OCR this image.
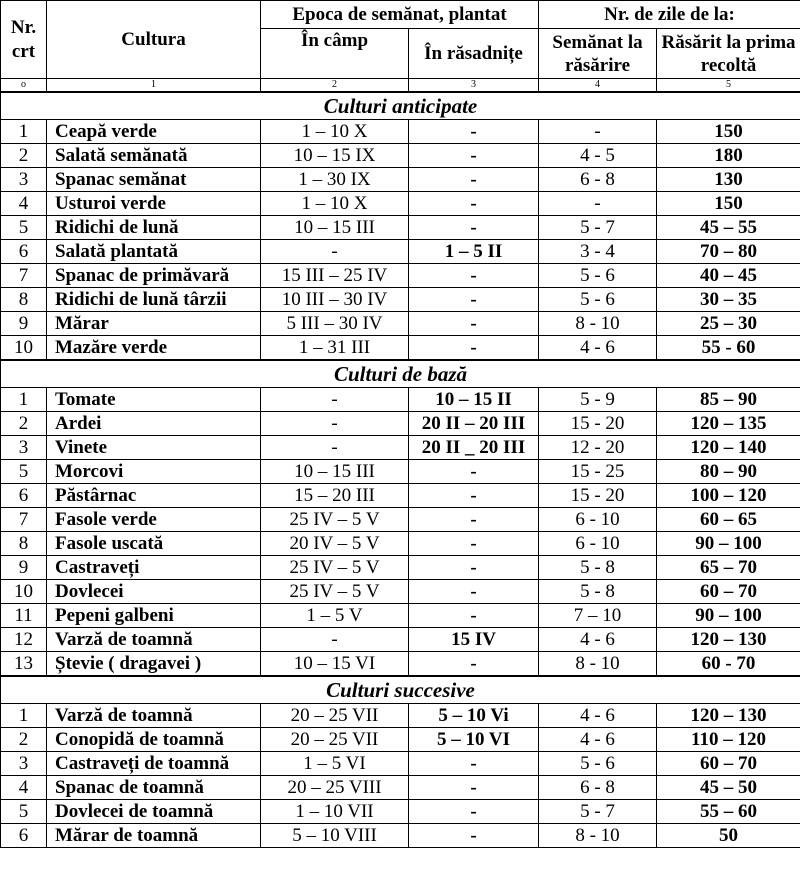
Nr.
crt	Cultura	Epoca de semănat, plantat		Nr. de zile de la:	
		În câmp	În răsadnițe	Semănat la răsărire	Răsărit la prima recoltă
o	1	2	3	4	5
Culturi anticipate					
1	Ceapă verde	1 – 10 X	-	-	150
2	Salată semănată	10 – 15 IX	-	4 - 5	180
3	Spanac semănat	1 – 30 IX	-	6 - 8	130
4	Usturoi verde	1 – 10 X	-	-	150
5	Ridichi de lună	10 – 15 III	-	5 - 7	45 – 55
6	Salată plantată	-	1 – 5 II	3 - 4	70 – 80
7	Spanac de primăvară	15 III – 25 IV	-	5 - 6	40 – 45
8	Ridichi de lună târzii	10 III – 30 IV	-	5 - 6	30 – 35
9	Mărar	5 III – 30 IV	-	8 - 10	25 – 30
10	Mazăre verde	1 – 31 III	-	4 - 6	55 - 60
Culturi de bază					
1	Tomate	-	10 – 15 II	5 - 9	85 – 90
2	Ardei	-	20 II – 20 III	15 - 20	120 – 135
3	Vinete	-	20 II _ 20 III	12 - 20	120 – 140
5	Morcovi	10 – 15 III	-	15 - 25	80 – 90
6	Păstârnac	15 – 20 III	-	15 - 20	100 – 120
7	Fasole verde	25 IV – 5 V	-	6 - 10	60 – 65
8	Fasole uscată	20 IV – 5 V	-	6 - 10	90 – 100
9	Castraveți	25 IV – 5 V	-	5 - 8	65 – 70
10	Dovlecei	25 IV – 5 V	-	5 - 8	60 – 70
11	Pepeni galbeni	1 – 5 V	-	7 – 10	90 – 100
12	Varză de toamnă	-	15 IV	4 - 6	120 – 130
13	Ștevie ( dragavei )	10 – 15 VI	-	8 - 10	60 - 70
Culturi succesive					
1	Varză de toamnă	20 – 25 VII	5 – 10 Vi	4 - 6	120 – 130
2	Conopidă de toamnă	20 – 25 VII	5 – 10 VI	4 - 6	110 – 120
3	Castraveți de toamnă	1 – 5 VI	-	5 - 6	60 – 70
4	Spanac de toamnă	20 – 25 VIII	-	6 - 8	45 – 50
5	Dovlecei de toamnă	1 – 10 VII	-	5 - 7	55 – 60
6	Mărar de toamnă	5 – 10 VIII	-	8 - 10	50
